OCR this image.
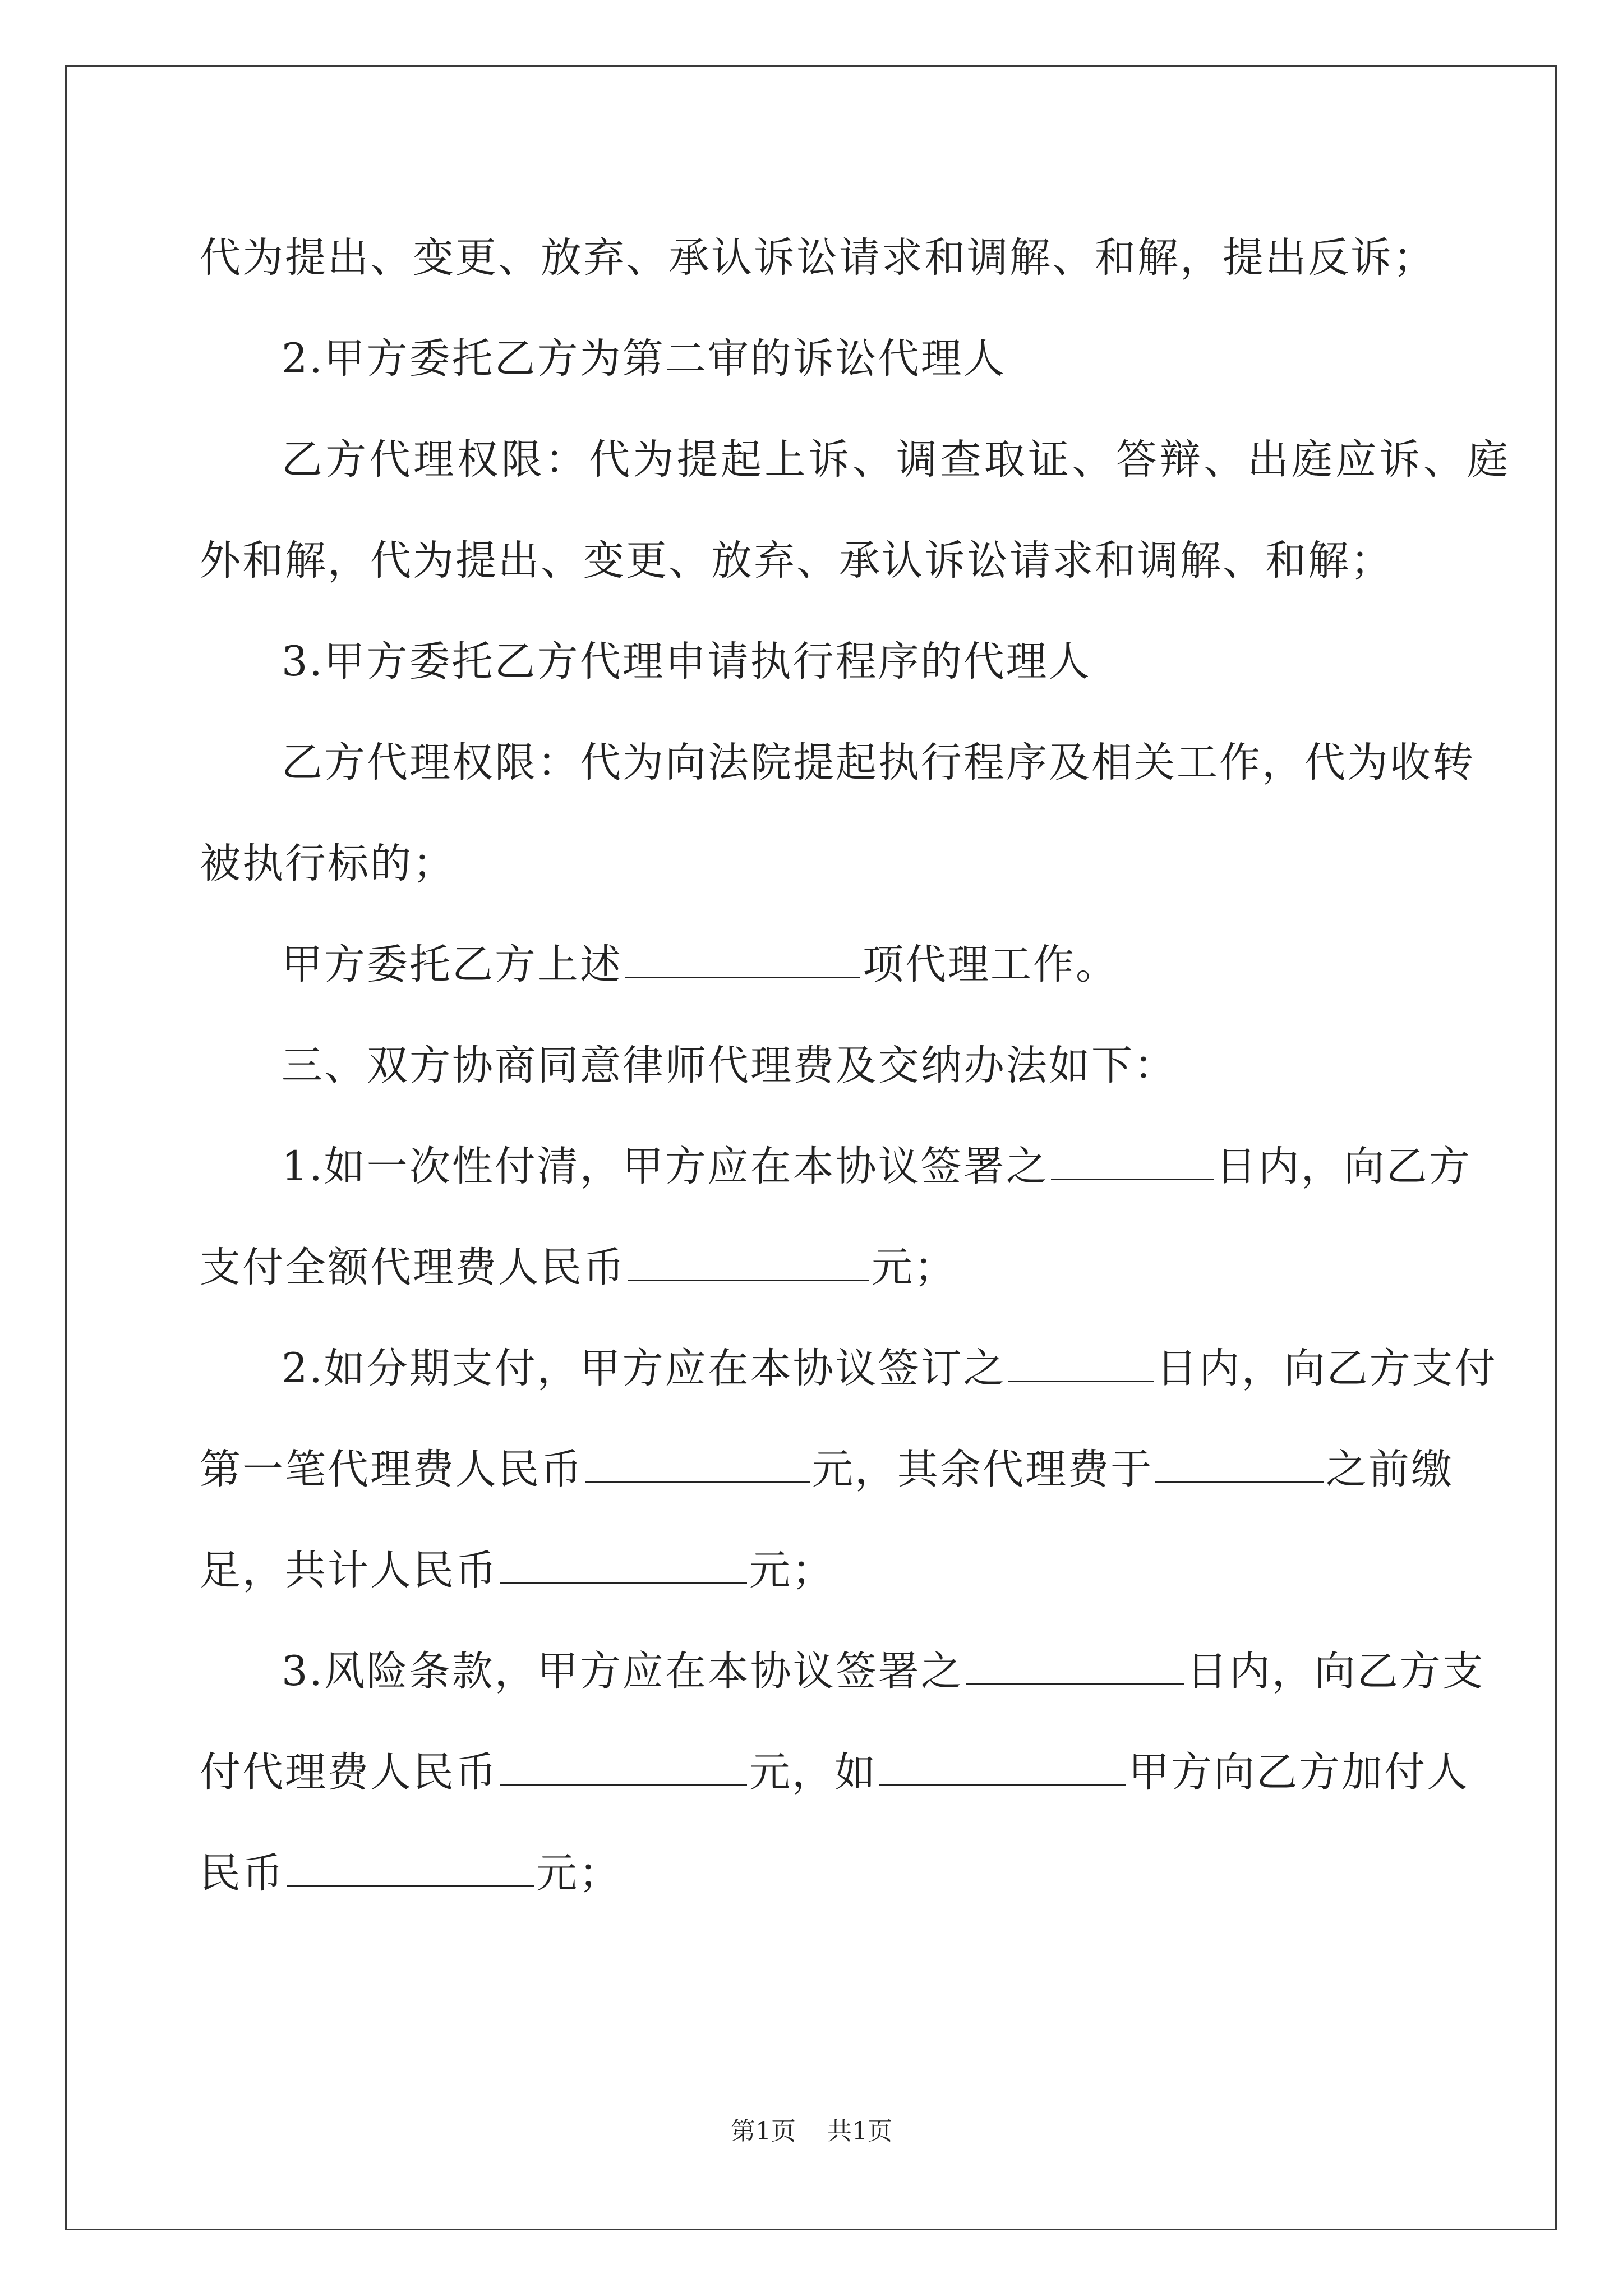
代为提出、变更、放弃、承认诉讼请求和调解、和解，提出反诉；
2.甲方委托乙方为第二审的诉讼代理人
乙方代理权限：代为提起上诉、调查取证、答辩、出庭应诉、庭
外和解，代为提出、变更、放弃、承认诉讼请求和调解、和解；
3.甲方委托乙方代理申请执行程序的代理人
乙方代理权限：代为向法院提起执行程序及相关工作，代为收转
被执行标的；
甲方委托乙方上述	项代理工作。
三、双方协商同意律师代理费及交纳办法如下：
1.如一次性付清，甲方应在本协议签署之	日内，向乙方
支付全额代理费人民币	元；
2.如分期支付，甲方应在本协议签订之	日内，向乙方支付
第一笔代理费人民币	元，其余代理费于	之前缴
足，共计人民币	元；
3.风险条款，甲方应在本协议签署之	日内，向乙方支
付代理费人民币	元，如	甲方向乙方加付人
民币	元；
第1页 共1页
